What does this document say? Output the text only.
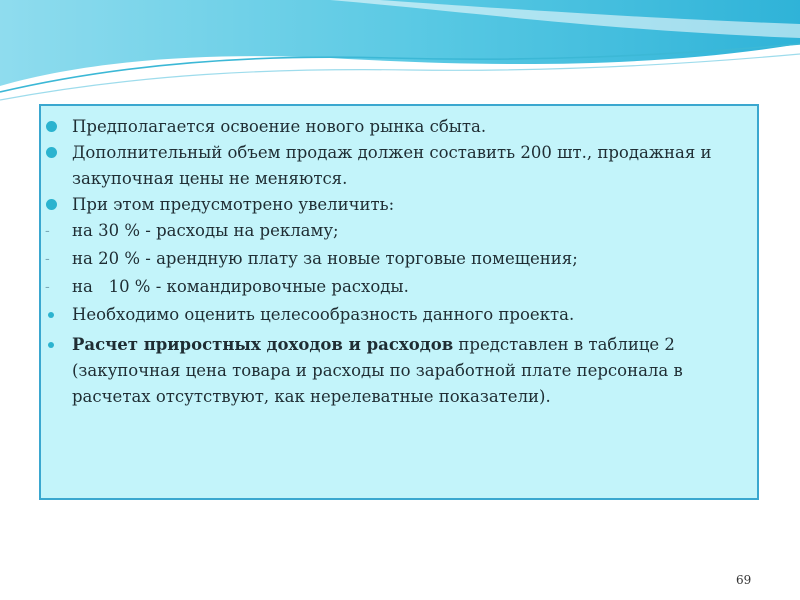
Предполагается освоение нового рынка сбыта.
Дополнительный объем продаж должен составить 200 шт., продажная и
закупочная цены не меняются.
При этом предусмотрено увеличить:
- на 30 % - расходы на рекламу;
- на 20 % - арендную плату за новые торговые помещения;
- на   10 % - командировочные расходы.
Необходимо оценить целесообразность данного проекта.
Расчет приростных доходов и расходов представлен в таблице 2
(закупочная цена товара и расходы по заработной плате персонала в
расчетах отсутствуют, как нерелеватные показатели).
69
